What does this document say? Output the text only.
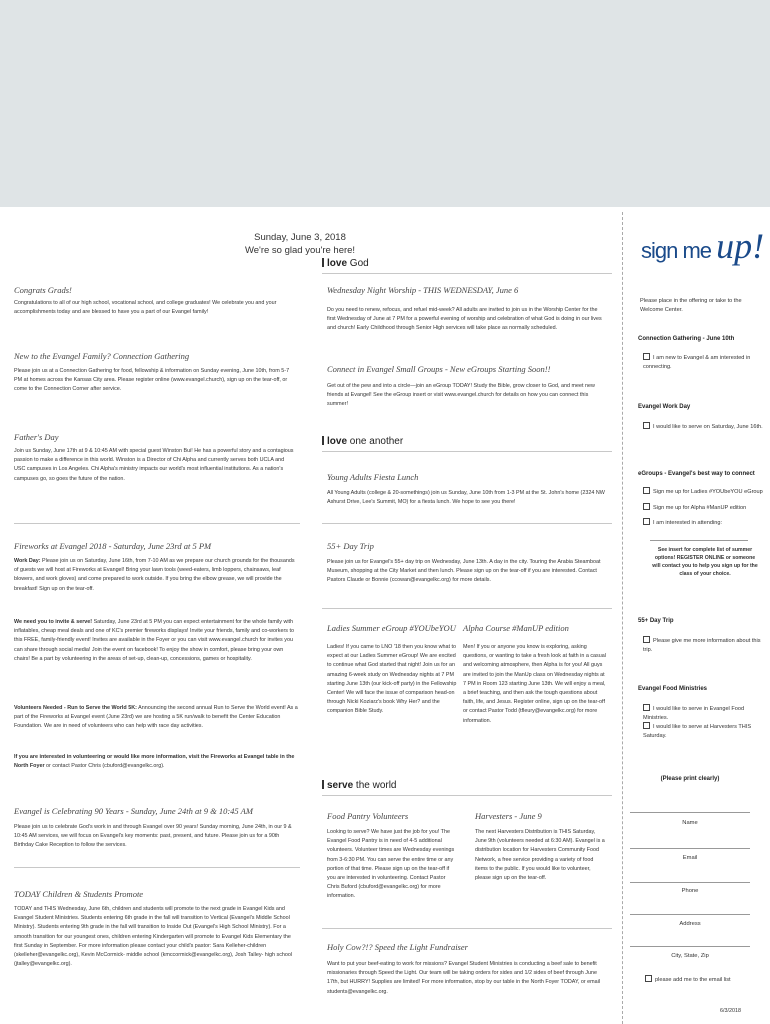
Sunday, June 3, 2018
We're so glad you're here!
Congrats Grads!
Congratulations to all of our high school, vocational school, and college graduates! We celebrate you and your accomplishments today and are blessed to have you a part of our Evangel family!
New to the Evangel Family? Connection Gathering
Please join us at a Connection Gathering for food, fellowship & information on Sunday evening, June 10th, from 5-7 PM at homes across the Kansas City area. Please register online (www.evangel.church), sign up on the tear-off, or come to the Connection Corner after service.
Father's Day
Join us Sunday, June 17th at 9 & 10:45 AM with special guest Winston Bui! He has a powerful story and a contagious passion to make a difference in this world. Winston is a Director of Chi Alpha and currently serves both UCLA and USC campuses in Los Angeles. Chi Alpha's ministry impacts our world's most influential institutions. As a nation's campuses go, so goes the future of the nation.
Fireworks at Evangel 2018 - Saturday, June 23rd at 5 PM
Work Day: Please join us on Saturday, June 16th, from 7-10 AM as we prepare our church grounds for the thousands of guests we will host at Fireworks at Evangel! Bring your lawn tools (weed-eaters, limb loppers, chainsaws, leaf blowers, and work gloves) and come prepared to work outside. If you bring the elbow grease, we will provide the breakfast! Sign up on the tear-off.
We need you to invite & serve! Saturday, June 23rd at 5 PM you can expect entertainment for the whole family with inflatables, cheap meal deals and one of KC's premier fireworks displays! Invite your friends, family and co-workers to this FREE, family-friendly event! Invites are available in the Foyer or you can visit www.evangel.church for invites you can share through social media! Join the event on facebook! To enjoy the show in comfort, please bring your own chairs! Be a part by volunteering in the areas of set-up, clean-up, concessions, games or hospitality.
Volunteers Needed - Run to Serve the World 5K: Announcing the second annual Run to Serve the World event! As a part of the Fireworks at Evangel event (June 23rd) we are hosting a 5K run/walk to benefit the Center Education Foundation. We are in need of volunteers who can help with race day activities.
If you are interested in volunteering or would like more information, visit the Fireworks at Evangel table in the North Foyer or contact Pastor Chris (cbuford@evangelkc.org).
Evangel is Celebrating 90 Years - Sunday, June 24th at 9 & 10:45 AM
Please join us to celebrate God's work in and through Evangel over 90 years! Sunday morning, June 24th, in our 9 & 10:45 AM services, we will focus on Evangel's key moments: past, present, and future. Please join us for a 90th Birthday Cake Reception to follow the services.
TODAY Children & Students Promote
TODAY and THIS Wednesday, June 6th, children and students will promote to the next grade in Evangel Kids and Evangel Student Ministries. Students entering 6th grade in the fall will transition to Vertical (Evangel's Middle School Ministry). Students entering 9th grade in the fall will transition to Inside Out (Evangel's High School Ministry). For a smooth transition for our youngest ones, children entering Kindergarten will promote to Evangel Kids Elementary the first Sunday in September. For more information please contact your child's pastor: Sara Kelleher-children (skelleher@evangelkc.org), Kevin McCormick- middle school (kmccormick@evangelkc.org), Josh Talley- high school (jtalley@evangelkc.org).
love God
Wednesday Night Worship - THIS WEDNESDAY, June 6
Do you need to renew, refocus, and refuel mid-week? All adults are invited to join us in the Worship Center for the first Wednesday of June at 7 PM for a powerful evening of worship and celebration of what God is doing in our lives and church! Early Childhood through Senior High services will take place as normally scheduled.
Connect in Evangel Small Groups - New eGroups Starting Soon!!
Get out of the pew and into a circle—join an eGroup TODAY! Study the Bible, grow closer to God, and meet new friends at Evangel! See the eGroup insert or visit www.evangel.church for details on how you can connect this summer!
love one another
Young Adults Fiesta Lunch
All Young Adults (college & 20-somethings) join us Sunday, June 10th from 1-3 PM at the St. John's home (2324 NW Ashurst Drive, Lee's Summit, MO) for a fiesta lunch. We hope to see you there!
55+ Day Trip
Please join us for Evangel's 55+ day trip on Wednesday, June 13th. A day in the city. Touring the Arabia Steamboat Museum, shopping at the City Market and then lunch. Please sign up on the tear-off if you are interested. Contact Pastors Claude or Bonnie (ccowan@evangelkc.org) for more details.
Ladies Summer eGroup #YOUbeYOU
Ladies! If you came to LNO '18 then you know what to expect at our Ladies Summer eGroup! We are excited to continue what God started that night! Join us for an amazing 6-week study on Wednesday nights at 7 PM starting June 13th (our kick-off party) in the Fellowship Center! We will face the issue of comparison head-on through Nicki Koziarz's book Why Her? and the companion Bible Study.
Alpha Course #ManUP edition
Men! If you or anyone you know is exploring, asking questions, or wanting to take a fresh look at faith in a casual and welcoming atmosphere, then Alpha is for you! All guys are invited to join the ManUp class on Wednesday nights at 7 PM in Room 123 starting June 13th. We will enjoy a meal, a brief teaching, and then ask the tough questions about faith, life, and Jesus. Register online, sign up on the tear-off or contact Pastor Todd (tfleury@evangelkc.org) for more information.
serve the world
Food Pantry Volunteers
Looking to serve? We have just the job for you! The Evangel Food Pantry is in need of 4-5 additional volunteers. Volunteer times are Wednesday evenings from 3-6:30 PM. You can serve the entire time or any portion of that time. Please sign up on the tear-off if you are interested in volunteering. Contact Pastor Chris Buford (cbuford@evangelkc.org) for more information.
Harvesters - June 9
The next Harvesters Distribution is THIS Saturday, June 9th (volunteers needed at 6:30 AM). Evangel is a distribution location for Harvesters Community Food Network, a free service providing a variety of food items to the public. If you would like to volunteer, please sign up on the tear-off.
Holy Cow?!? Speed the Light Fundraiser
Want to put your beef-eating to work for missions? Evangel Student Ministries is conducting a beef sale to benefit missionaries through Speed the Light. Our team will be taking orders for sides and 1/2 sides of beef through June 17th, but HURRY! Supplies are limited! For more information, stop by our table in the North Foyer TODAY, or email students@evangelkc.org.
sign me up!
Please place in the offering or take to the Welcome Center.
Connection Gathering - June 10th
I am new to Evangel & am interested in connecting.
Evangel Work Day
I would like to serve on Saturday, June 16th.
eGroups - Evangel's best way to connect
Sign me up for Ladies #YOUbeYOU eGroup
Sign me up for Alpha #ManUP edition
I am interested in attending:
See insert for complete list of summer options! REGISTER ONLINE or someone will contact you to help you sign up for the class of your choice.
55+ Day Trip
Please give me more information about this trip.
Evangel Food Ministries
I would like to serve in Evangel Food Ministries.
I would like to serve at Harvesters THIS Saturday.
(Please print clearly)
Name
Email
Phone
Address
City, State, Zip
please add me to the email list
6/3/2018
